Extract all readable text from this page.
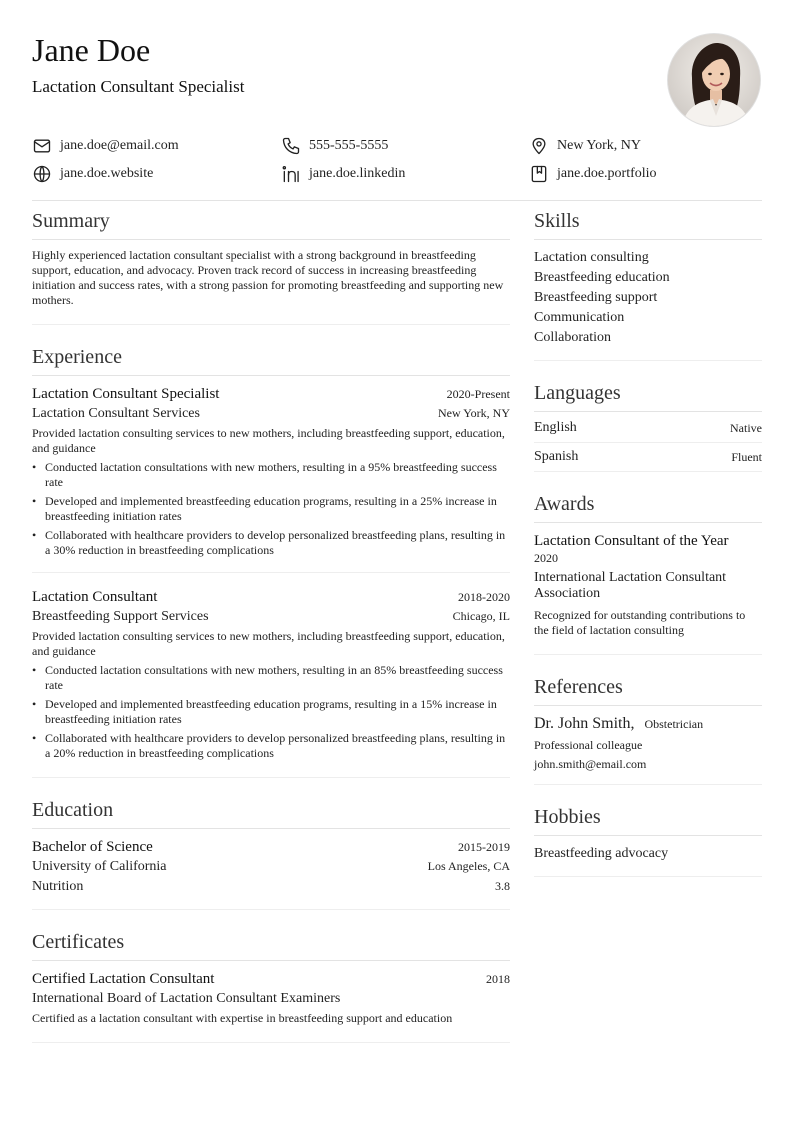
Jane Doe
Lactation Consultant Specialist
jane.doe@email.com	555-555-5555	New York, NY
jane.doe.website	jane.doe.linkedin	jane.doe.portfolio
Summary
Highly experienced lactation consultant specialist with a strong background in breastfeeding support, education, and advocacy. Proven track record of success in increasing breastfeeding initiation and success rates, with a strong passion for promoting breastfeeding and supporting new mothers.
Experience
Lactation Consultant Specialist	2020-Present
Lactation Consultant Services	New York, NY
Provided lactation consulting services to new mothers, including breastfeeding support, education, and guidance
• Conducted lactation consultations with new mothers, resulting in a 95% breastfeeding success rate
• Developed and implemented breastfeeding education programs, resulting in a 25% increase in breastfeeding initiation rates
• Collaborated with healthcare providers to develop personalized breastfeeding plans, resulting in a 30% reduction in breastfeeding complications
Lactation Consultant	2018-2020
Breastfeeding Support Services	Chicago, IL
Provided lactation consulting services to new mothers, including breastfeeding support, education, and guidance
• Conducted lactation consultations with new mothers, resulting in an 85% breastfeeding success rate
• Developed and implemented breastfeeding education programs, resulting in a 15% increase in breastfeeding initiation rates
• Collaborated with healthcare providers to develop personalized breastfeeding plans, resulting in a 20% reduction in breastfeeding complications
Education
Bachelor of Science	2015-2019
University of California	Los Angeles, CA
Nutrition	3.8
Certificates
Certified Lactation Consultant	2018
International Board of Lactation Consultant Examiners
Certified as a lactation consultant with expertise in breastfeeding support and education
Skills
Lactation consulting
Breastfeeding education
Breastfeeding support
Communication
Collaboration
Languages
English	Native
Spanish	Fluent
Awards
Lactation Consultant of the Year
2020
International Lactation Consultant Association
Recognized for outstanding contributions to the field of lactation consulting
References
Dr. John Smith, Obstetrician
Professional colleague
john.smith@email.com
Hobbies
Breastfeeding advocacy
